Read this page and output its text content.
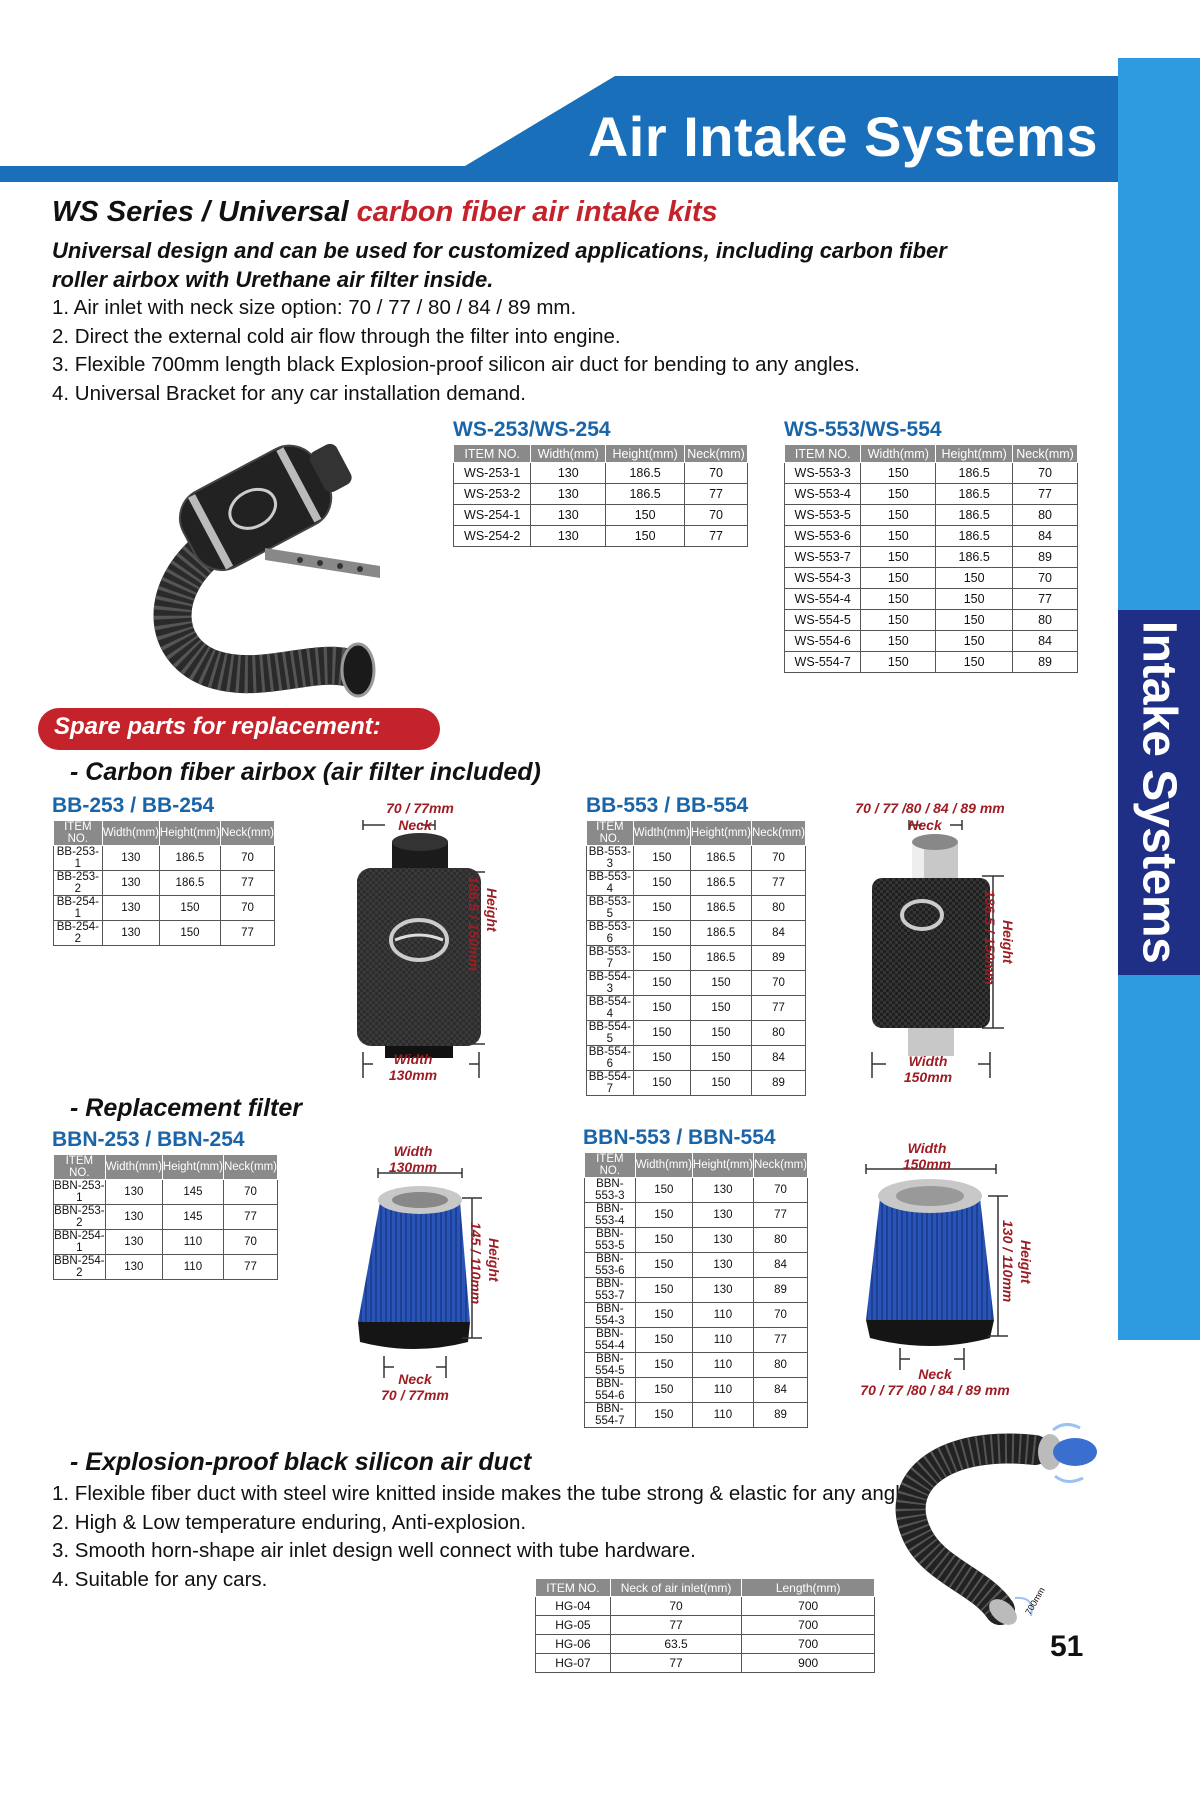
Air Intake Systems
Intake Systems
WS Series / Universal carbon fiber air intake kits
Universal design and can be used for customized applications, including carbon fiber
roller airbox with Urethane air filter inside.
1. Air inlet with neck size option: 70 / 77 / 80 / 84 / 89 mm.
2. Direct the external cold air flow through the filter into engine.
3. Flexible 700mm length black Explosion-proof silicon air duct for bending to any angles.
4. Universal Bracket for any car installation demand.
WS-253/WS-254
ITEM NO.	Width(mm)	Height(mm)	Neck(mm)
WS-253-1	130	186.5	70
WS-253-2	130	186.5	77
WS-254-1	130	150	70
WS-254-2	130	150	77
WS-553/WS-554
ITEM NO.	Width(mm)	Height(mm)	Neck(mm)
WS-553-3	150	186.5	70
WS-553-4	150	186.5	77
WS-553-5	150	186.5	80
WS-553-6	150	186.5	84
WS-553-7	150	186.5	89
WS-554-3	150	150	70
WS-554-4	150	150	77
WS-554-5	150	150	80
WS-554-6	150	150	84
WS-554-7	150	150	89
Spare parts for replacement:
- Carbon fiber airbox (air filter included)
BB-253 / BB-254
ITEM NO.	Width(mm)	Height(mm)	Neck(mm)
BB-253-1	130	186.5	70
BB-253-2	130	186.5	77
BB-254-1	130	150	70
BB-254-2	130	150	77
70 / 77mm
Neck
Height
186.5 / 150mm
Width
130mm
BB-553 / BB-554
ITEM NO.	Width(mm)	Height(mm)	Neck(mm)
BB-553-3	150	186.5	70
BB-553-4	150	186.5	77
BB-553-5	150	186.5	80
BB-553-6	150	186.5	84
BB-553-7	150	186.5	89
BB-554-3	150	150	70
BB-554-4	150	150	77
BB-554-5	150	150	80
BB-554-6	150	150	84
BB-554-7	150	150	89
70 / 77 /80 / 84 / 89 mm
Neck
Height
186.5 / 150mm
Width
150mm
- Replacement filter
BBN-253 / BBN-254
ITEM NO.	Width(mm)	Height(mm)	Neck(mm)
BBN-253-1	130	145	70
BBN-253-2	130	145	77
BBN-254-1	130	110	70
BBN-254-2	130	110	77
Width
130mm
Height
145 / 110mm
Neck
70 / 77mm
BBN-553 / BBN-554
ITEM NO.	Width(mm)	Height(mm)	Neck(mm)
BBN-553-3	150	130	70
BBN-553-4	150	130	77
BBN-553-5	150	130	80
BBN-553-6	150	130	84
BBN-553-7	150	130	89
BBN-554-3	150	110	70
BBN-554-4	150	110	77
BBN-554-5	150	110	80
BBN-554-6	150	110	84
BBN-554-7	150	110	89
Width
150mm
Height
130 / 110mm
Neck
70 / 77 /80 / 84 / 89 mm
- Explosion-proof black silicon air duct
1. Flexible fiber duct with steel wire knitted inside makes the tube strong & elastic for any angles.
2. High & Low temperature enduring, Anti-explosion.
3. Smooth horn-shape air inlet design well connect with tube hardware.
4. Suitable for any cars.	ITEM NO.	Neck of air inlet(mm)	Length(mm)
HG-04	70	700
HG-05	77	700
HG-06	63.5	700
HG-07	77	900
700mm
51
